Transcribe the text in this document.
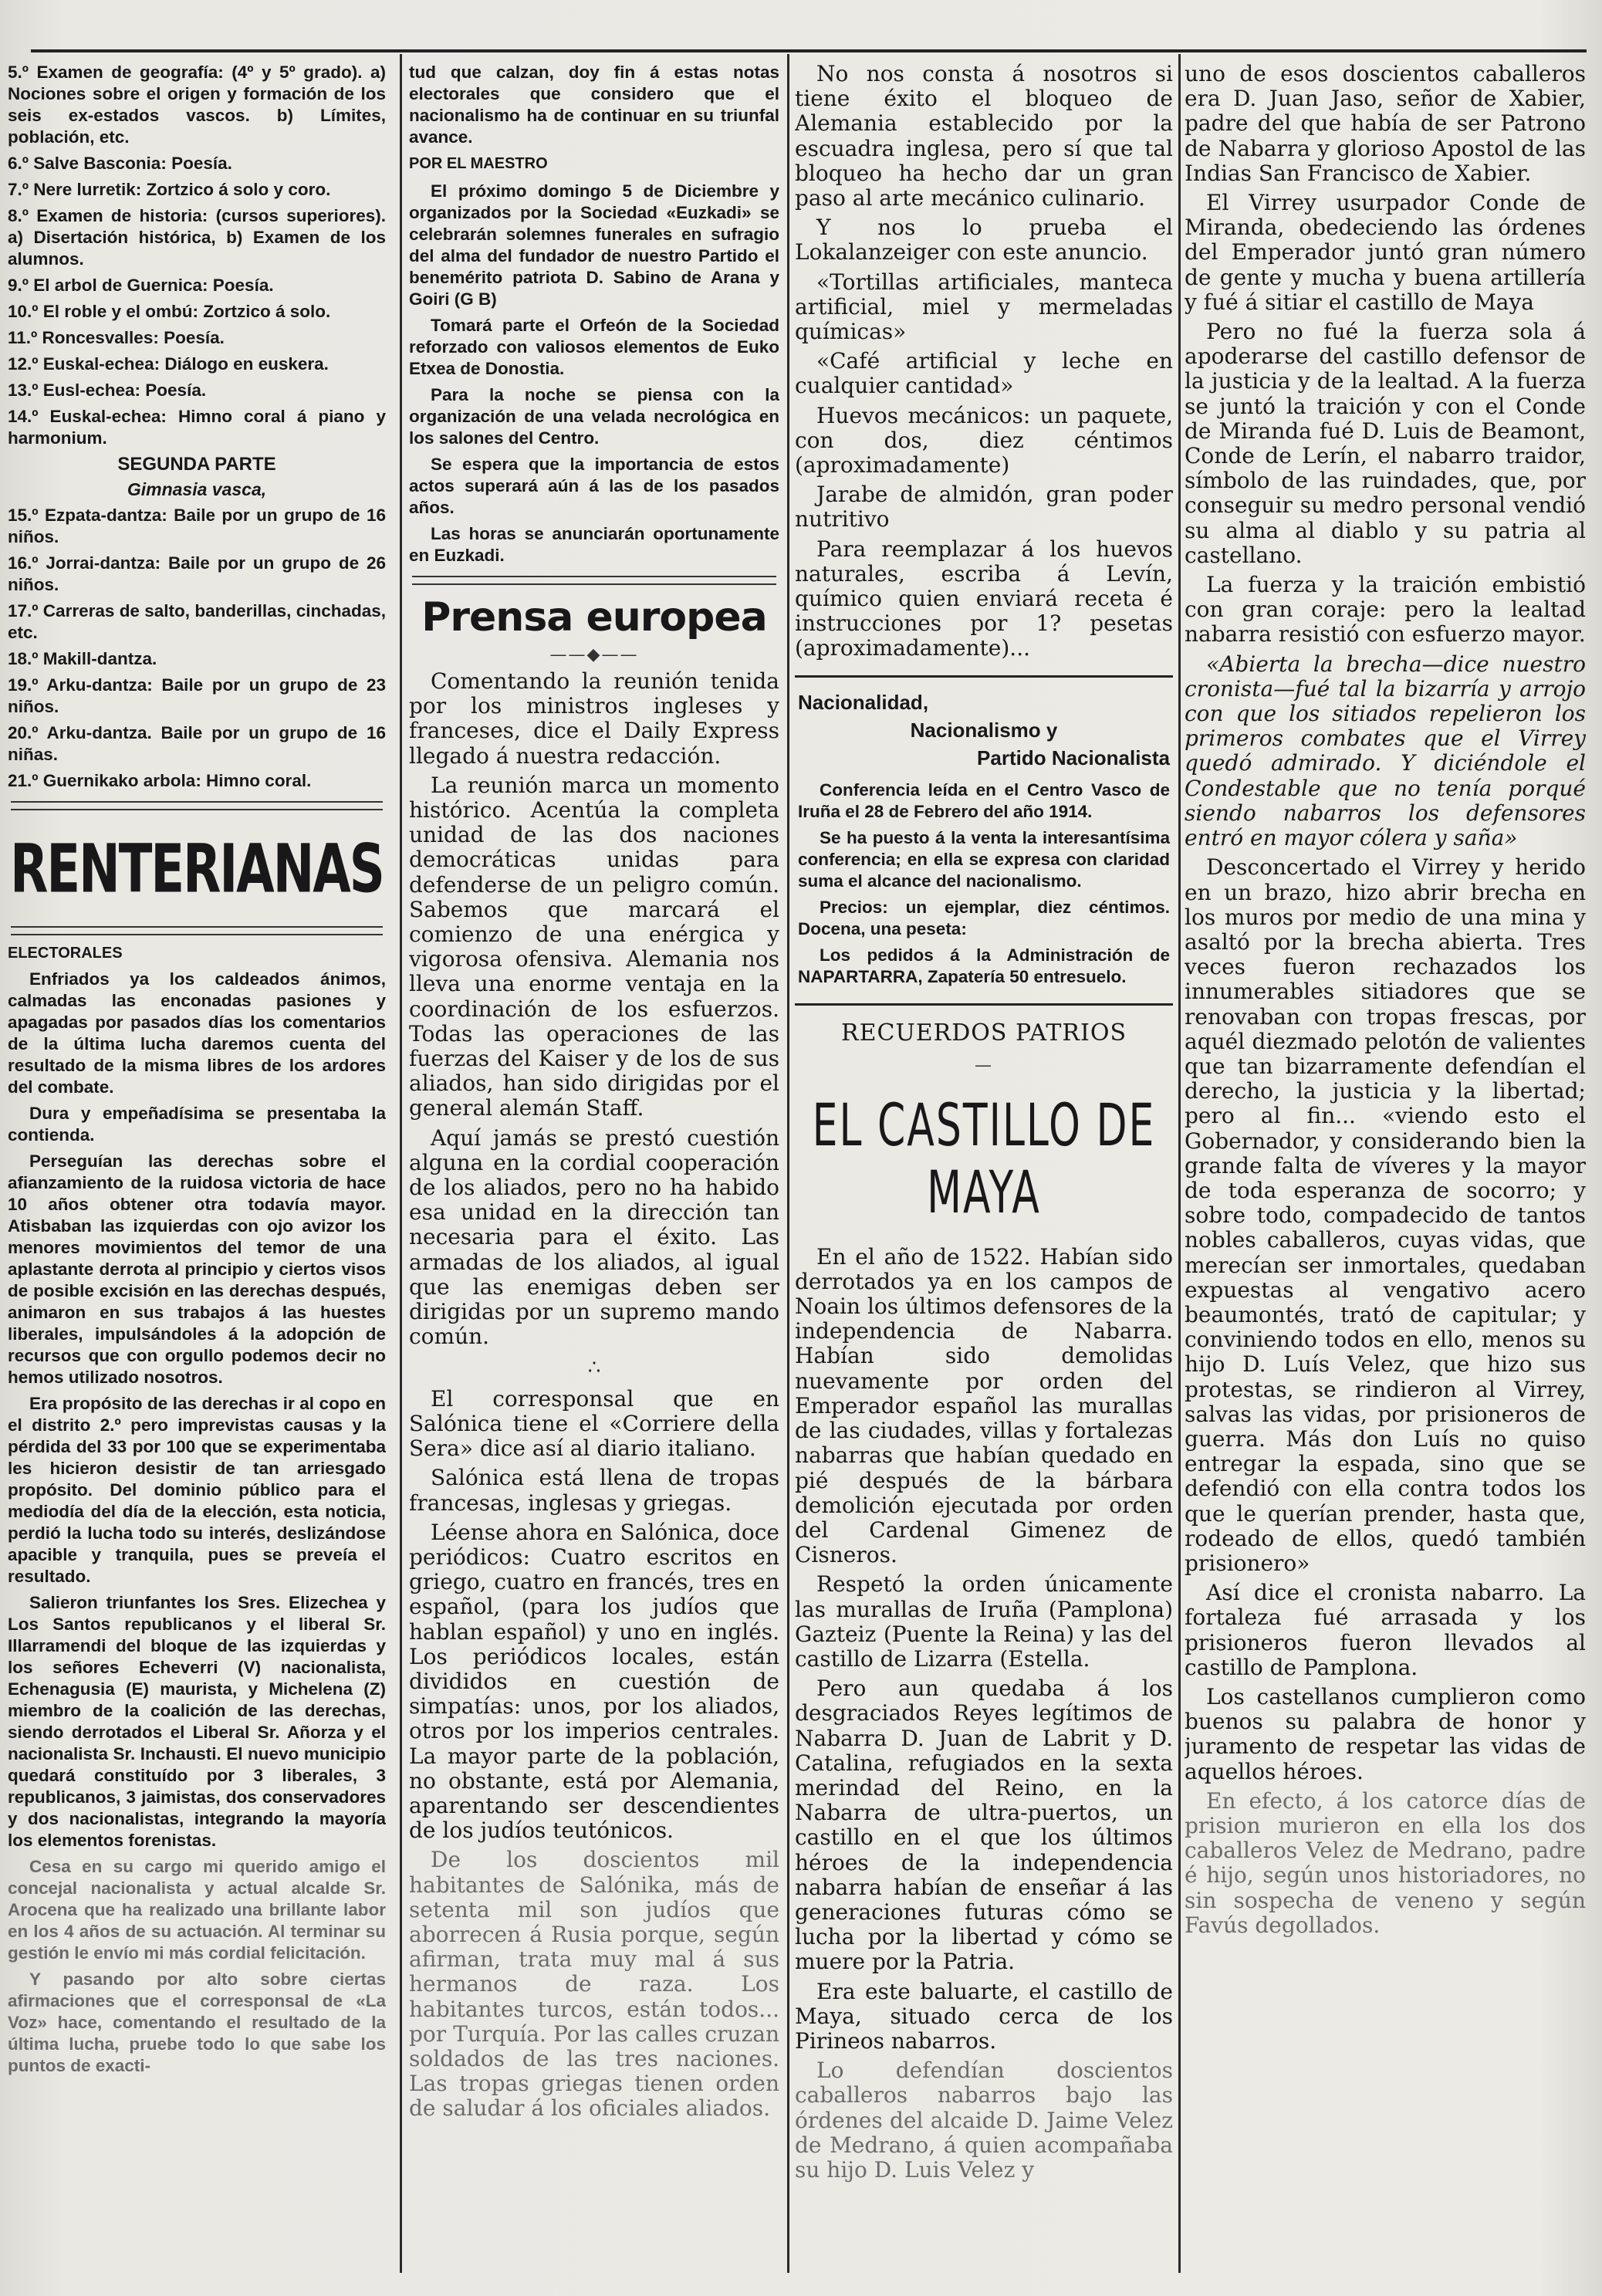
5.º Examen de geografía: (4º y 5º grado). a) Nociones sobre el origen y formación de los seis ex-estados vascos. b) Límites, población, etc.

6.º Salve Basconia: Poesía.

7.º Nere lurretik: Zortzico á solo y coro.

8.º Examen de historia: (cursos superiores). a) Disertación histórica, b) Examen de los alumnos.

9.º El arbol de Guernica: Poesía.

10.º El roble y el ombú: Zortzico á solo.

11.º Roncesvalles: Poesía.

12.º Euskal-echea: Diálogo en euskera.

13.º Eusl-echea: Poesía.

14.º Euskal-echea: Himno coral á piano y harmonium.

SEGUNDA PARTE
Gimnasia vasca,

15.º Ezpata-dantza: Baile por un grupo de 16 niños.

16.º Jorrai-dantza: Baile por un grupo de 26 niños.

17.º Carreras de salto, banderillas, cinchadas, etc.

18.º Makill-dantza.

19.º Arku-dantza: Baile por un grupo de 23 niños.

20.º Arku-dantza. Baile por un grupo de 16 niñas.

21.º Guernikako arbola: Himno coral.

RENTERIANAS
ELECTORALES

Enfriados ya los caldeados ánimos, calmadas las enconadas pasiones y apagadas por pasados días los comentarios de la última lucha daremos cuenta del resultado de la misma libres de los ardores del combate.

Dura y empeñadísima se presentaba la contienda.

Perseguían las derechas sobre el afianzamiento de la ruidosa victoria de hace 10 años obtener otra todavía mayor. Atisbaban las izquierdas con ojo avizor los menores movimientos del temor de una aplastante derrota al principio y ciertos visos de posible excisión en las derechas después, animaron en sus trabajos á las huestes liberales, impulsándoles á la adopción de recursos que con orgullo podemos decir no hemos utilizado nosotros.

Era propósito de las derechas ir al copo en el distrito 2.º pero imprevistas causas y la pérdida del 33 por 100 que se experimentaba les hicieron desistir de tan arriesgado propósito. Del dominio público para el mediodía del día de la elección, esta noticia, perdió la lucha todo su interés, deslizándose apacible y tranquila, pues se preveía el resultado.

Salieron triunfantes los Sres. Elizechea y Los Santos republicanos y el liberal Sr. Illarramendi del bloque de las izquierdas y los señores Echeverri (V) nacionalista, Echenagusia (E) maurista, y Michelena (Z) miembro de la coalición de las derechas, siendo derrotados el Liberal Sr. Añorza y el nacionalista Sr. Inchausti. El nuevo municipio quedará constituído por 3 liberales, 3 republicanos, 3 jaimistas, dos conservadores y dos nacionalistas, integrando la mayoría los elementos forenistas.

Cesa en su cargo mi querido amigo el concejal nacionalista y actual alcalde Sr. Arocena que ha realizado una brillante labor en los 4 años de su actuación. Al terminar su gestión le envío mi más cordial felicitación.

Y pasando por alto sobre ciertas afirmaciones que el corresponsal de «La Voz» hace, comentando el resultado de la última lucha, pruebe todo lo que sabe los puntos de exacti-

tud que calzan, doy fin á estas notas electorales que considero que el nacionalismo ha de continuar en su triunfal avance.

POR EL MAESTRO

El próximo domingo 5 de Diciembre y organizados por la Sociedad «Euzkadi» se celebrarán solemnes funerales en sufragio del alma del fundador de nuestro Partido el benemérito patriota D. Sabino de Arana y Goiri (G B)

Tomará parte el Orfeón de la Sociedad reforzado con valiosos elementos de Euko Etxea de Donostia.

Para la noche se piensa con la organización de una velada necrológica en los salones del Centro.

Se espera que la importancia de estos actos superará aún á las de los pasados años.

Las horas se anunciarán oportunamente en Euzkadi.

Prensa europea
——◆——

Comentando la reunión tenida por los ministros ingleses y franceses, dice el Daily Express llegado á nuestra redacción.

La reunión marca un momento histórico. Acentúa la completa unidad de las dos naciones democráticas unidas para defenderse de un peligro común. Sabemos que marcará el comienzo de una enérgica y vigorosa ofensiva. Alemania nos lleva una enorme ventaja en la coordinación de los esfuerzos. Todas las operaciones de las fuerzas del Kaiser y de los de sus aliados, han sido dirigidas por el general alemán Staff.

Aquí jamás se prestó cuestión alguna en la cordial cooperación de los aliados, pero no ha habido esa unidad en la dirección tan necesaria para el éxito. Las armadas de los aliados, al igual que las enemigas deben ser dirigidas por un supremo mando común.

∴

El corresponsal que en Salónica tiene el «Corriere della Sera» dice así al diario italiano.

Salónica está llena de tropas francesas, inglesas y griegas.

Léense ahora en Salónica, doce periódicos: Cuatro escritos en griego, cuatro en francés, tres en español, (para los judíos que hablan español) y uno en inglés. Los periódicos locales, están divididos en cuestión de simpatías: unos, por los aliados, otros por los imperios centrales. La mayor parte de la población, no obstante, está por Alemania, aparentando ser descendientes de los judíos teutónicos.

De los doscientos mil habitantes de Salónika, más de setenta mil son judíos que aborrecen á Rusia porque, según afirman, trata muy mal á sus hermanos de raza. Los habitantes turcos, están todos... por Turquía. Por las calles cruzan soldados de las tres naciones. Las tropas griegas tienen orden de saludar á los oficiales aliados.

No nos consta á nosotros si tiene éxito el bloqueo de Alemania establecido por la escuadra inglesa, pero sí que tal bloqueo ha hecho dar un gran paso al arte mecánico culinario.

Y nos lo prueba el Lokalanzeiger con este anuncio.

«Tortillas artificiales, manteca artificial, miel y mermeladas químicas»

«Café artificial y leche en cualquier cantidad»

Huevos mecánicos: un paquete, con dos, diez céntimos (aproximadamente)

Jarabe de almidón, gran poder nutritivo

Para reemplazar á los huevos naturales, escriba á Levín, químico quien enviará receta é instrucciones por 1? pesetas (aproximadamente)...

Nacionalidad,
Nacionalismo y
Partido Nacionalista

Conferencia leída en el Centro Vasco de Iruña el 28 de Febrero del año 1914.

Se ha puesto á la venta la interesantísima conferencia; en ella se expresa con claridad suma el alcance del nacionalismo.

Precios: un ejemplar, diez céntimos. Docena, una peseta:

Los pedidos á la Administración de NAPARTARRA, Zapatería 50 entresuelo.

RECUERDOS PATRIOS
—
EL CASTILLO DE MAYA

En el año de 1522. Habían sido derrotados ya en los campos de Noain los últimos defensores de la independencia de Nabarra. Habían sido demolidas nuevamente por orden del Emperador español las murallas de las ciudades, villas y fortalezas nabarras que habían quedado en pié después de la bárbara demolición ejecutada por orden del Cardenal Gimenez de Cisneros.

Respetó la orden únicamente las murallas de Iruña (Pamplona) Gazteiz (Puente la Reina) y las del castillo de Lizarra (Estella.

Pero aun quedaba á los desgraciados Reyes legítimos de Nabarra D. Juan de Labrit y D. Catalina, refugiados en la sexta merindad del Reino, en la Nabarra de ultra-puertos, un castillo en el que los últimos héroes de la independencia nabarra habían de enseñar á las generaciones futuras cómo se lucha por la libertad y cómo se muere por la Patria.

Era este baluarte, el castillo de Maya, situado cerca de los Pirineos nabarros.

Lo defendían doscientos caballeros nabarros bajo las órdenes del alcaide D. Jaime Velez de Medrano, á quien acompañaba su hijo D. Luis Velez y

uno de esos doscientos caballeros era D. Juan Jaso, señor de Xabier, padre del que había de ser Patrono de Nabarra y glorioso Apostol de las Indias San Francisco de Xabier.

El Virrey usurpador Conde de Miranda, obedeciendo las órdenes del Emperador juntó gran número de gente y mucha y buena artillería y fué á sitiar el castillo de Maya

Pero no fué la fuerza sola á apoderarse del castillo defensor de la justicia y de la lealtad. A la fuerza se juntó la traición y con el Conde de Miranda fué D. Luis de Beamont, Conde de Lerín, el nabarro traidor, símbolo de las ruindades, que, por conseguir su medro personal vendió su alma al diablo y su patria al castellano.

La fuerza y la traición embistió con gran coraje: pero la lealtad nabarra resistió con esfuerzo mayor.

«Abierta la brecha—dice nuestro cronista—fué tal la bizarría y arrojo con que los sitiados repelieron los primeros combates que el Virrey quedó admirado. Y diciéndole el Condestable que no tenía porqué siendo nabarros los defensores entró en mayor cólera y saña»

Desconcertado el Virrey y herido en un brazo, hizo abrir brecha en los muros por medio de una mina y asaltó por la brecha abierta. Tres veces fueron rechazados los innumerables sitiadores que se renovaban con tropas frescas, por aquél diezmado pelotón de valientes que tan bizarramente defendían el derecho, la justicia y la libertad; pero al fin... «viendo esto el Gobernador, y considerando bien la grande falta de víveres y la mayor de toda esperanza de socorro; y sobre todo, compadecido de tantos nobles caballeros, cuyas vidas, que merecían ser inmortales, quedaban expuestas al vengativo acero beaumontés, trató de capitular; y conviniendo todos en ello, menos su hijo D. Luís Velez, que hizo sus protestas, se rindieron al Virrey, salvas las vidas, por prisioneros de guerra. Más don Luís no quiso entregar la espada, sino que se defendió con ella contra todos los que le querían prender, hasta que, rodeado de ellos, quedó también prisionero»

Así dice el cronista nabarro. La fortaleza fué arrasada y los prisioneros fueron llevados al castillo de Pamplona.

Los castellanos cumplieron como buenos su palabra de honor y juramento de respetar las vidas de aquellos héroes.

En efecto, á los catorce días de prision murieron en ella los dos caballeros Velez de Medrano, padre é hijo, según unos historiadores, no sin sospecha de veneno y según Favús degollados.
